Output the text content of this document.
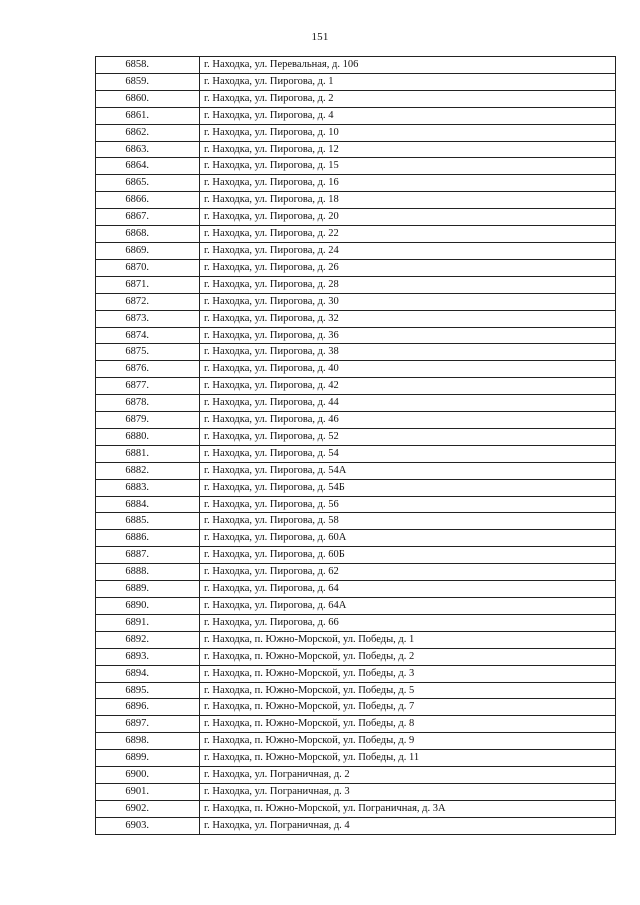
151
6858.	г. Находка, ул. Перевальная, д. 106
6859.	г. Находка, ул. Пирогова, д. 1
6860.	г. Находка, ул. Пирогова, д. 2
6861.	г. Находка, ул. Пирогова, д. 4
6862.	г. Находка, ул. Пирогова, д. 10
6863.	г. Находка, ул. Пирогова, д. 12
6864.	г. Находка, ул. Пирогова, д. 15
6865.	г. Находка, ул. Пирогова, д. 16
6866.	г. Находка, ул. Пирогова, д. 18
6867.	г. Находка, ул. Пирогова, д. 20
6868.	г. Находка, ул. Пирогова, д. 22
6869.	г. Находка, ул. Пирогова, д. 24
6870.	г. Находка, ул. Пирогова, д. 26
6871.	г. Находка, ул. Пирогова, д. 28
6872.	г. Находка, ул. Пирогова, д. 30
6873.	г. Находка, ул. Пирогова, д. 32
6874.	г. Находка, ул. Пирогова, д. 36
6875.	г. Находка, ул. Пирогова, д. 38
6876.	г. Находка, ул. Пирогова, д. 40
6877.	г. Находка, ул. Пирогова, д. 42
6878.	г. Находка, ул. Пирогова, д. 44
6879.	г. Находка, ул. Пирогова, д. 46
6880.	г. Находка, ул. Пирогова, д. 52
6881.	г. Находка, ул. Пирогова, д. 54
6882.	г. Находка, ул. Пирогова, д. 54А
6883.	г. Находка, ул. Пирогова, д. 54Б
6884.	г. Находка, ул. Пирогова, д. 56
6885.	г. Находка, ул. Пирогова, д. 58
6886.	г. Находка, ул. Пирогова, д. 60А
6887.	г. Находка, ул. Пирогова, д. 60Б
6888.	г. Находка, ул. Пирогова, д. 62
6889.	г. Находка, ул. Пирогова, д. 64
6890.	г. Находка, ул. Пирогова, д. 64А
6891.	г. Находка, ул. Пирогова, д. 66
6892.	г. Находка, п. Южно-Морской, ул. Победы, д. 1
6893.	г. Находка, п. Южно-Морской, ул. Победы, д. 2
6894.	г. Находка, п. Южно-Морской, ул. Победы, д. 3
6895.	г. Находка, п. Южно-Морской, ул. Победы, д. 5
6896.	г. Находка, п. Южно-Морской, ул. Победы, д. 7
6897.	г. Находка, п. Южно-Морской, ул. Победы, д. 8
6898.	г. Находка, п. Южно-Морской, ул. Победы, д. 9
6899.	г. Находка, п. Южно-Морской, ул. Победы, д. 11
6900.	г. Находка, ул. Пограничная, д. 2
6901.	г. Находка, ул. Пограничная, д. 3
6902.	г. Находка, п. Южно-Морской, ул. Пограничная, д. 3А
6903.	г. Находка, ул. Пограничная, д. 4
